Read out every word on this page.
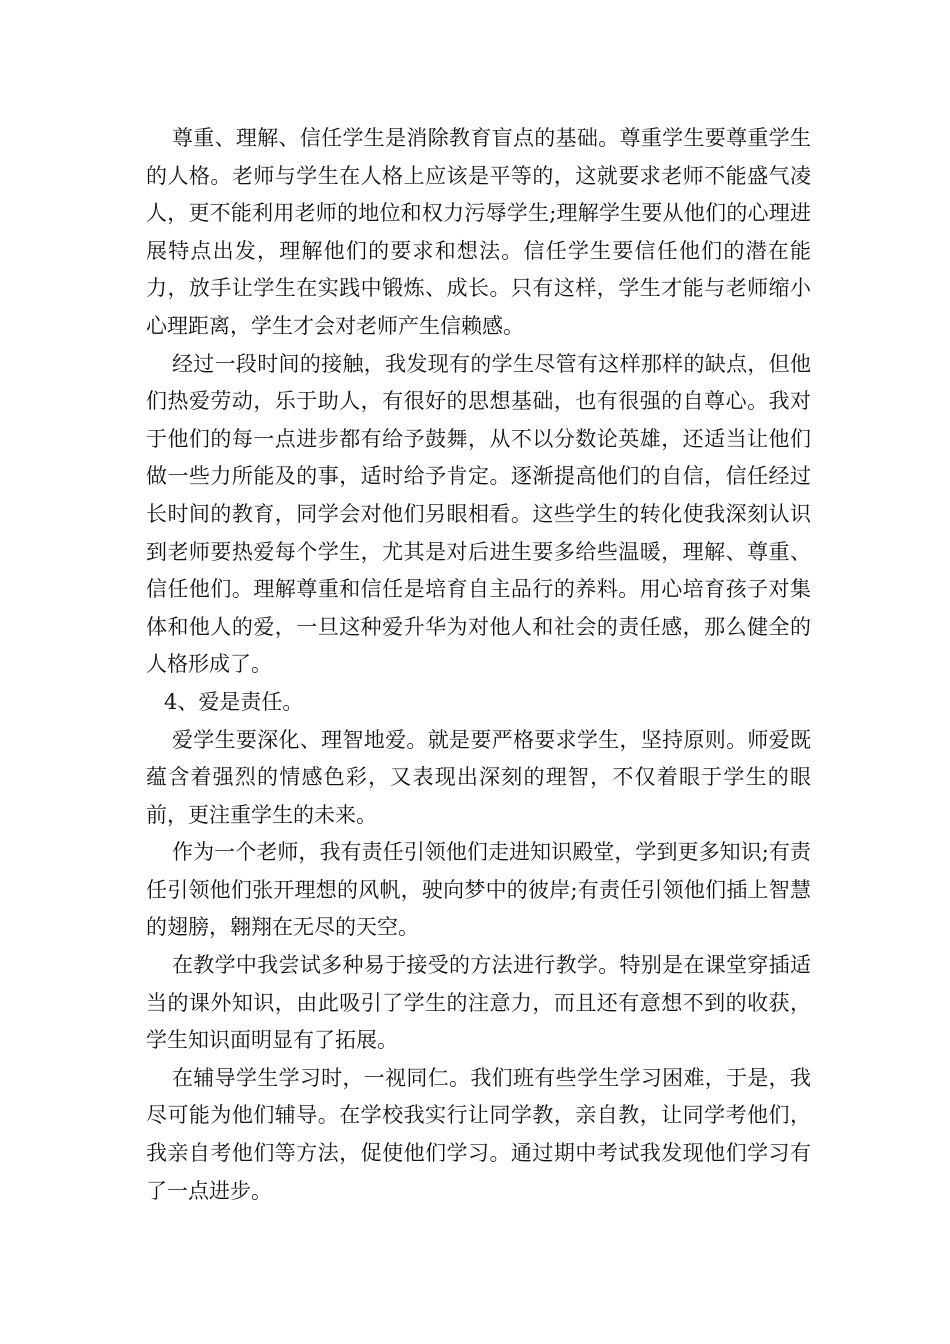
尊重、理解、信任学生是消除教育盲点的基础。尊重学生要尊重学生的人格。老师与学生在人格上应该是平等的，这就要求老师不能盛气凌人，更不能利用老师的地位和权力污辱学生;理解学生要从他们的心理进展特点出发，理解他们的要求和想法。信任学生要信任他们的潜在能力，放手让学生在实践中锻炼、成长。只有这样，学生才能与老师缩小心理距离，学生才会对老师产生信赖感。

经过一段时间的接触，我发现有的学生尽管有这样那样的缺点，但他们热爱劳动，乐于助人，有很好的思想基础，也有很强的自尊心。我对于他们的每一点进步都有给予鼓舞，从不以分数论英雄，还适当让他们做一些力所能及的事，适时给予肯定。逐渐提高他们的自信，信任经过长时间的教育，同学会对他们另眼相看。这些学生的转化使我深刻认识到老师要热爱每个学生，尤其是对后进生要多给些温暖，理解、尊重、信任他们。理解尊重和信任是培育自主品行的养料。用心培育孩子对集体和他人的爱，一旦这种爱升华为对他人和社会的责任感，那么健全的人格形成了。

4、爱是责任。

爱学生要深化、理智地爱。就是要严格要求学生，坚持原则。师爱既蕴含着强烈的情感色彩，又表现出深刻的理智，不仅着眼于学生的眼前，更注重学生的未来。

作为一个老师，我有责任引领他们走进知识殿堂，学到更多知识;有责任引领他们张开理想的风帆，驶向梦中的彼岸;有责任引领他们插上智慧的翅膀，翱翔在无尽的天空。

在教学中我尝试多种易于接受的方法进行教学。特别是在课堂穿插适当的课外知识，由此吸引了学生的注意力，而且还有意想不到的收获，学生知识面明显有了拓展。

在辅导学生学习时，一视同仁。我们班有些学生学习困难，于是，我尽可能为他们辅导。在学校我实行让同学教，亲自教，让同学考他们，我亲自考他们等方法，促使他们学习。通过期中考试我发现他们学习有了一点进步。
